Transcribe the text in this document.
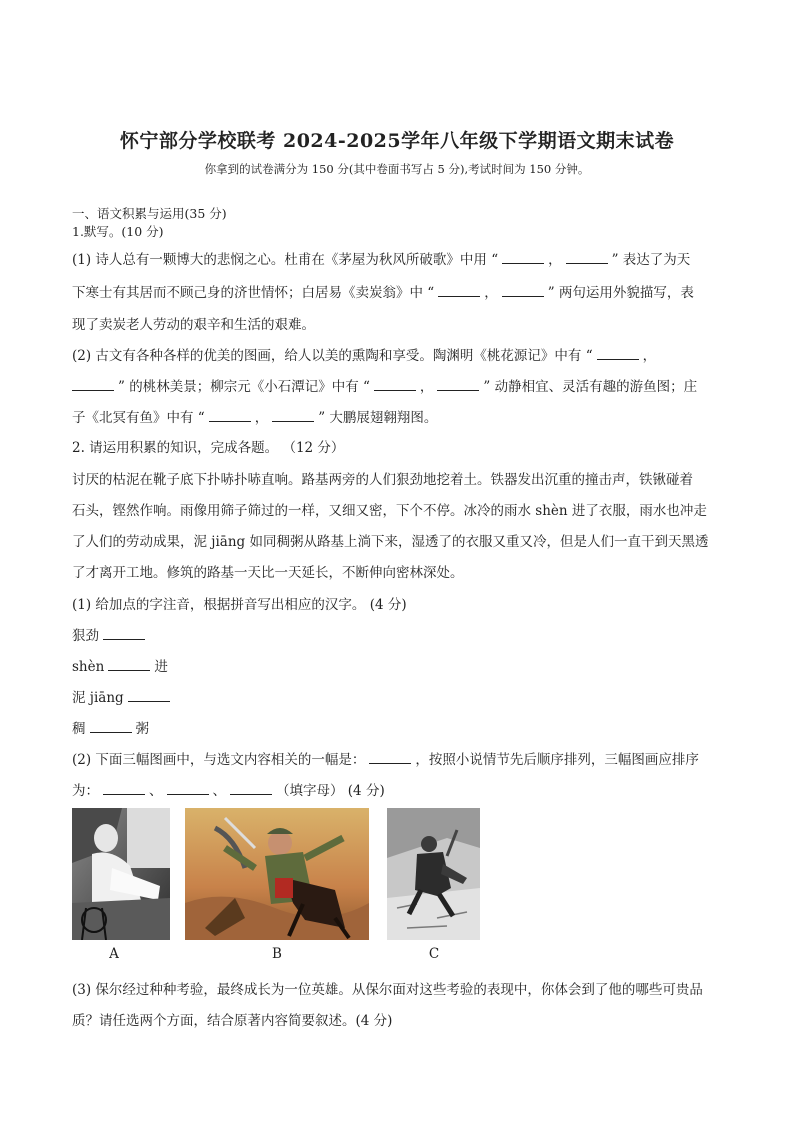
怀宁部分学校联考 2024-2025学年八年级下学期语文期末试卷
你拿到的试卷满分为 150 分(其中卷面书写占 5 分),考试时间为 150 分钟。
一、语文积累与运用(35 分)
1.默写。(10 分)
(1) 诗人总有一颗博大的悲悯之心。杜甫在《茅屋为秋风所破歌》中用 “	，	” 表达了为天
下寒士有其居而不顾己身的济世情怀；白居易《卖炭翁》中 “	，	” 两句运用外貌描写，表
现了卖炭老人劳动的艰辛和生活的艰难。
(2) 古文有各种各样的优美的图画，给人以美的熏陶和享受。陶渊明《桃花源记》中有 “	，
” 的桃林美景；柳宗元《小石潭记》中有 “	，	” 动静相宜、灵活有趣的游鱼图；庄
子《北冥有鱼》中有 “	，	” 大鹏展翅翱翔图。
2. 请运用积累的知识，完成各题。 （12 分）
讨厌的枯泥在靴子底下扑哧扑哧直响。路基两旁的人们狠劲地挖着土。铁器发出沉重的撞击声，铁锹碰着
石头，铿然作响。雨像用筛子筛过的一样，又细又密，下个不停。冰冷的雨水 shèn 进了衣服，雨水也冲走
了人们的劳动成果，泥 jiāng 如同稠粥从路基上淌下来，湿透了的衣服又重又冷，但是人们一直干到天黑透
了才离开工地。修筑的路基一天比一天延长，不断伸向密林深处。
(1) 给加点的字注音，根据拼音写出相应的汉字。 (4 分)
狠劲
shèn	进
泥 jiāng
稠	粥
(2) 下面三幅图画中，与选文内容相关的一幅是：	，按照小说情节先后顺序排列，三幅图画应排序
为：	、	、	（填字母） (4 分)
A	B	C
(3) 保尔经过种种考验，最终成长为一位英雄。从保尔面对这些考验的表现中，你体会到了他的哪些可贵品
质？请任选两个方面，结合原著内容简要叙述。(4 分)
